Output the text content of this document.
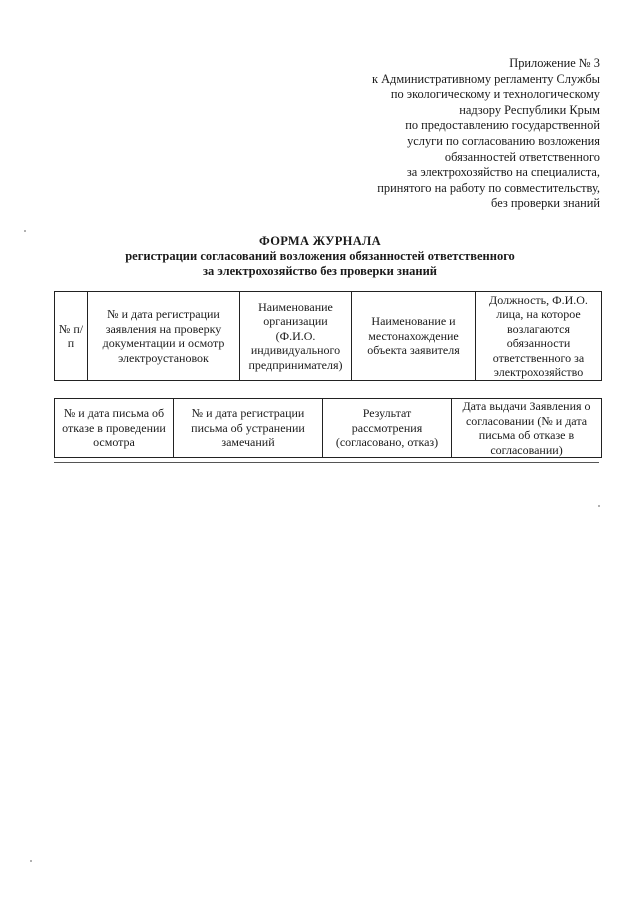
Приложение № 3
к Административному регламенту Службы
по экологическому и технологическому
надзору Республики Крым
по предоставлению государственной
услуги по согласованию возложения
обязанностей ответственного
за электрохозяйство на специалиста,
принятого на работу по совместительству,
без проверки знаний
ФОРМА ЖУРНАЛА
регистрации согласований возложения обязанностей ответственного
за электрохозяйство без проверки знаний
№ п/п	№ и дата регистрации заявления на проверку документации и осмотр электроустановок	Наименование организации (Ф.И.О. индивидуального предпринимателя)	Наименование и местонахождение объекта заявителя	Должность, Ф.И.О. лица, на которое возлагаются обязанности ответственного за электрохозяйство
№ и дата письма об отказе в проведении осмотра	№ и дата регистрации письма об устранении замечаний	Результат рассмотрения (согласовано, отказ)	Дата выдачи Заявления о согласовании (№ и дата письма об отказе в согласовании)
